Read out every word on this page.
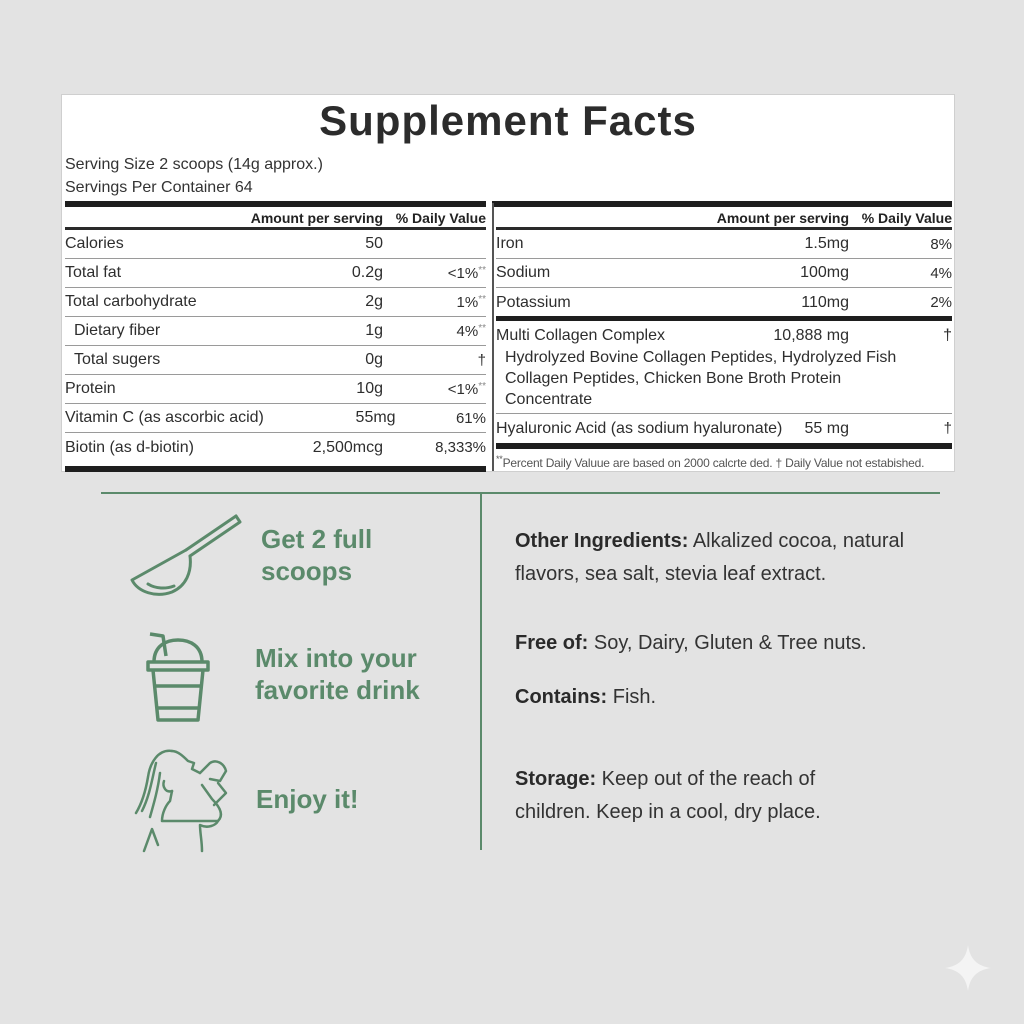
Supplement Facts
Serving Size 2 scoops (14g approx.)
Servings Per Container 64
Amount per serving % Daily Value
Calories	50
Total fat	0.2g	<1%**
Total carbohydrate	2g	1%**
Dietary fiber	1g	4%**
Total sugers	0g	†
Protein	10g	<1%**
Vitamin C (as ascorbic acid)	55mg	61%
Biotin (as d-biotin)	2,500mcg	8,333%
Amount per serving % Daily Value
Iron	1.5mg	8%
Sodium	100mg	4%
Potassium	110mg	2%
Multi Collagen Complex	10,888 mg	†
Hydrolyzed Bovine Collagen Peptides, Hydrolyzed Fish Collagen Peptides, Chicken Bone Broth Protein Concentrate
Hyaluronic Acid (as sodium hyaluronate)	55 mg	†
**Percent Daily Valuue are based on 2000 calcrte ded. † Daily Value not estabished.
Get 2 full
scoops
Mix into your
favorite drink
Enjoy it!
Other Ingredients: Alkalized cocoa, natural flavors, sea salt, stevia leaf extract.
Free of: Soy, Dairy, Gluten & Tree nuts.
Contains: Fish.
Storage: Keep out of the reach of children. Keep in a cool, dry place.
